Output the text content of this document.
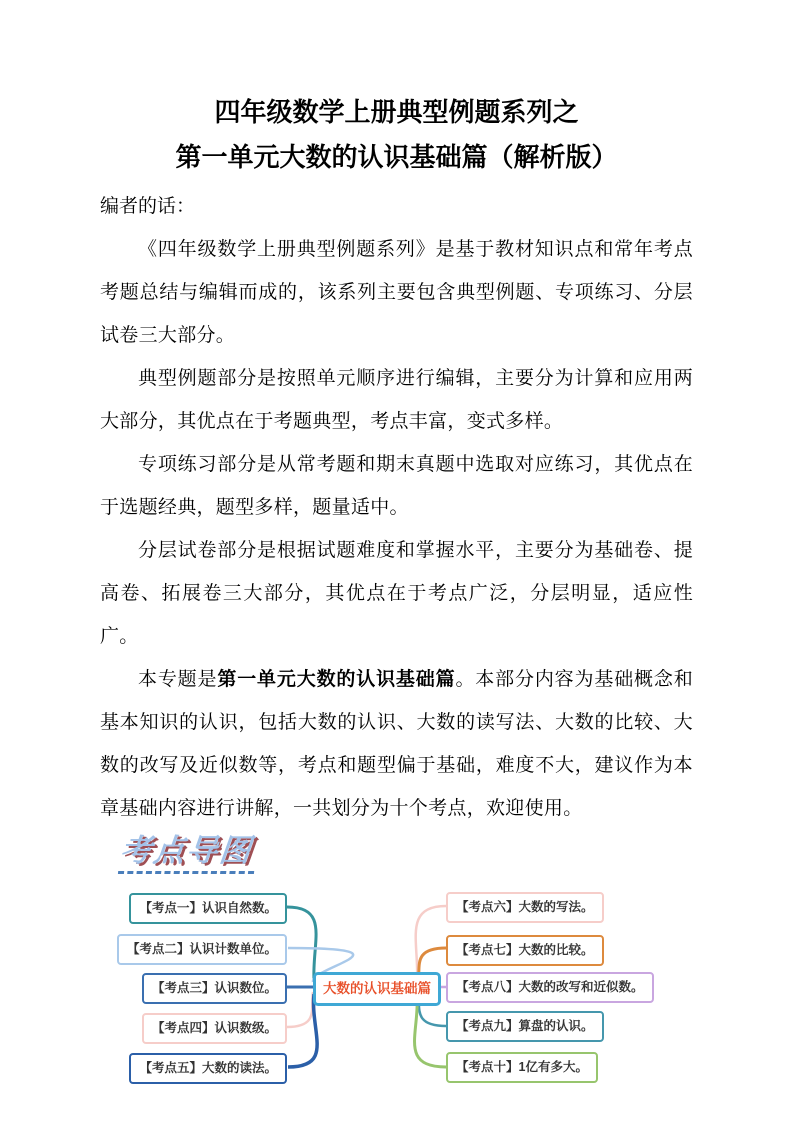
四年级数学上册典型例题系列之
第一单元大数的认识基础篇（解析版）
编者的话：

《四年级数学上册典型例题系列》是基于教材知识点和常年考点考题总结与编辑而成的，该系列主要包含典型例题、专项练习、分层试卷三大部分。

典型例题部分是按照单元顺序进行编辑，主要分为计算和应用两大部分，其优点在于考题典型，考点丰富，变式多样。

专项练习部分是从常考题和期末真题中选取对应练习，其优点在于选题经典，题型多样，题量适中。

分层试卷部分是根据试题难度和掌握水平，主要分为基础卷、提高卷、拓展卷三大部分，其优点在于考点广泛，分层明显，适应性广。

本专题是第一单元大数的认识基础篇。本部分内容为基础概念和基本知识的认识，包括大数的认识、大数的读写法、大数的比较、大数的改写及近似数等，考点和题型偏于基础，难度不大，建议作为本章基础内容进行讲解，一共划分为十个考点，欢迎使用。

考点导图
大数的认识基础篇
【考点一】认识自然数。
【考点二】认识计数单位。
【考点三】认识数位。
【考点四】认识数级。
【考点五】大数的读法。
【考点六】大数的写法。
【考点七】大数的比较。
【考点八】大数的改写和近似数。
【考点九】算盘的认识。
【考点十】1亿有多大。
